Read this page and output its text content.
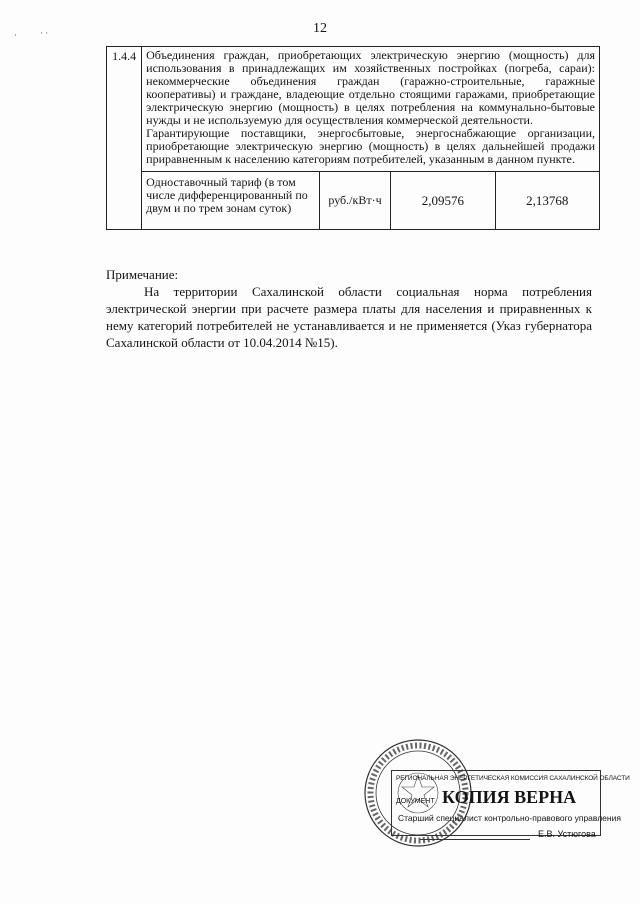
12
·	· ·
1.4.4	Объединения граждан, приобретающих электрическую энергию (мощность) для использования в принадлежащих им хозяйственных постройках (погреба, сараи): некоммерческие объединения граждан (гаражно-строительные, гаражные кооперативы) и граждане, владеющие отдельно стоящими гаражами, приобретающие электрическую энергию (мощность) в целях потребления на коммунально-бытовые нужды и не используемую для осуществления коммерческой деятельности.

Гарантирующие поставщики, энергосбытовые, энергоснабжающие организации, приобретающие электрическую энергию (мощность) в целях дальнейшей продажи приравненным к населению категориям потребителей, указанным в данном пункте.			

	Одноставочный тариф (в том числе дифференцированный по двум и по трем зонам суток)	руб./кВт·ч	2,09576	2,13768

Примечание:

На территории Сахалинской области социальная норма потребления электрической энергии при расчете размера платы для населения и приравненных к нему категорий потребителей не устанавливается и не применяется (Указ губернатора Сахалинской области от 10.04.2014 №15).

РЕГИОНАЛЬНАЯ ЭНЕРГЕТИЧЕСКАЯ КОМИССИЯ САХАЛИНСКОЙ ОБЛАСТИ
ДОКУМЕНТ КОПИЯ ВЕРНА
Старший специалист контрольно-правового управления
Е.В. Устюгова
